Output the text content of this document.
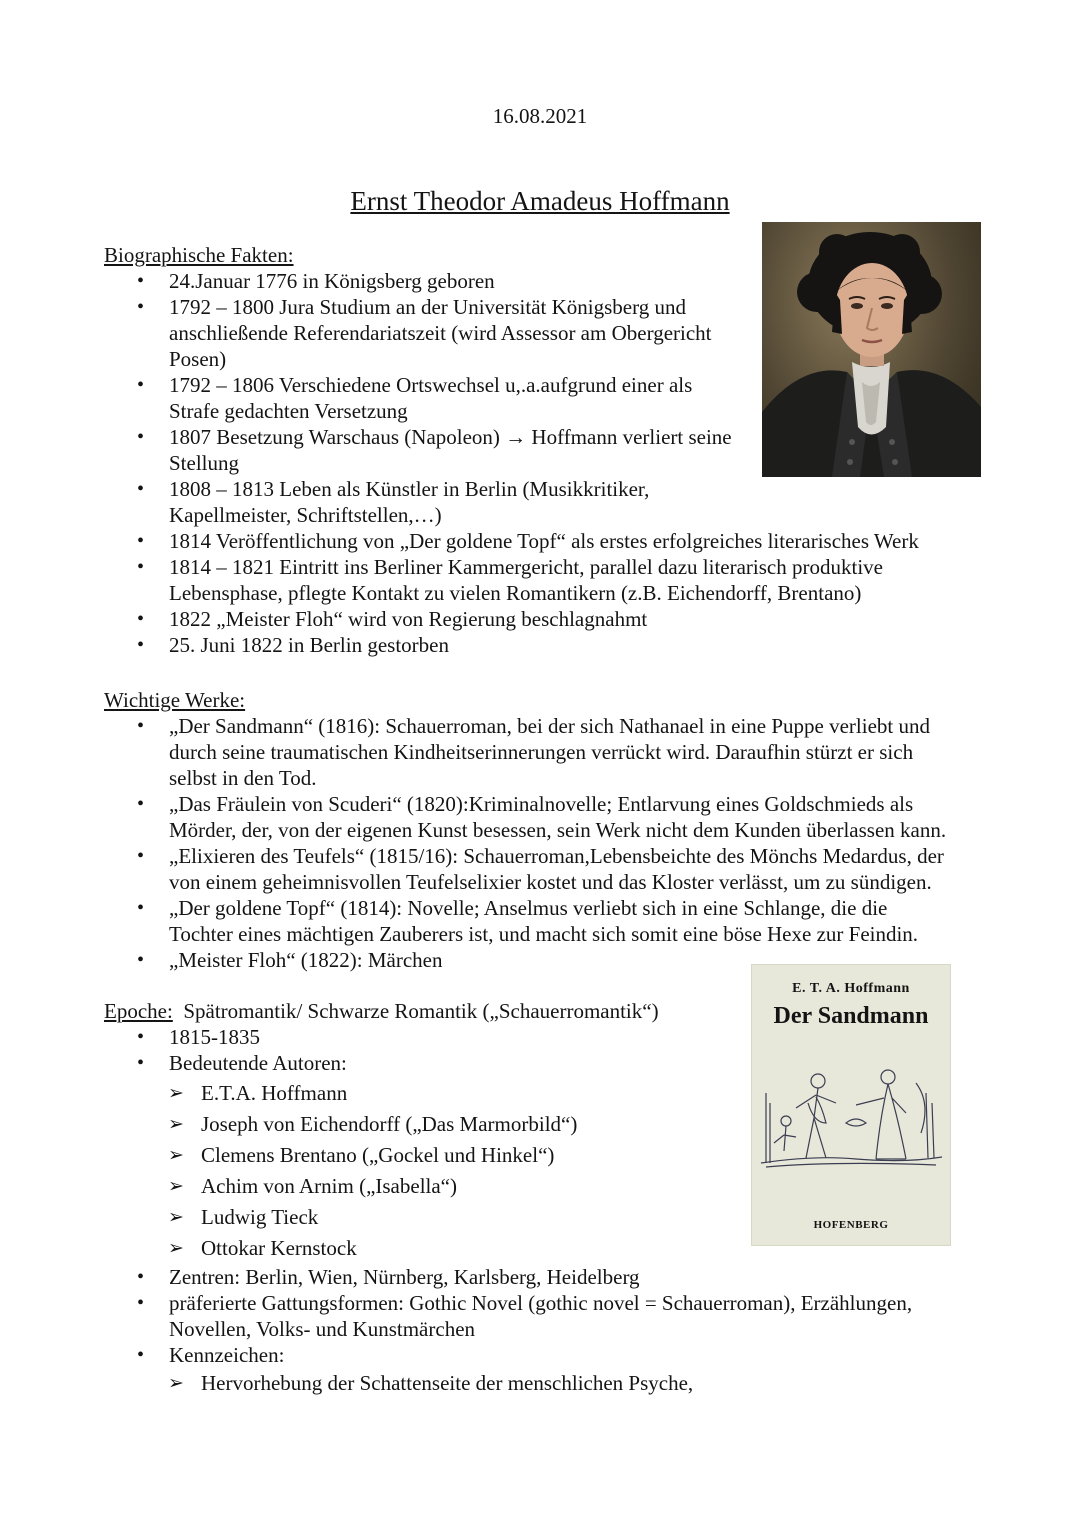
16.08.2021
Ernst Theodor Amadeus Hoffmann
Biographische Fakten:
• 24.Januar 1776 in Königsberg geboren
• 1792 – 1800 Jura Studium an der Universität Königsberg und
anschließende Referendariatszeit (wird Assessor am Obergericht
Posen)
• 1792 – 1806 Verschiedene Ortswechsel u,.a.aufgrund einer als
Strafe gedachten Versetzung
• 1807 Besetzung Warschaus (Napoleon) → Hoffmann verliert seine
Stellung
• 1808 – 1813 Leben als Künstler in Berlin (Musikkritiker,
Kapellmeister, Schriftstellen,…)
• 1814 Veröffentlichung von „Der goldene Topf“ als erstes erfolgreiches literarisches Werk
• 1814 – 1821 Eintritt ins Berliner Kammergericht, parallel dazu literarisch produktive
Lebensphase, pflegte Kontakt zu vielen Romantikern (z.B. Eichendorff, Brentano)
• 1822 „Meister Floh“ wird von Regierung beschlagnahmt
• 25. Juni 1822 in Berlin gestorben
Wichtige Werke:
• „Der Sandmann“ (1816): Schauerroman, bei der sich Nathanael in eine Puppe verliebt und
durch seine traumatischen Kindheitserinnerungen verrückt wird. Daraufhin stürzt er sich
selbst in den Tod.
• „Das Fräulein von Scuderi“ (1820):Kriminalnovelle; Entlarvung eines Goldschmieds als
Mörder, der, von der eigenen Kunst besessen, sein Werk nicht dem Kunden überlassen kann.
• „Elixieren des Teufels“ (1815/16): Schauerroman,Lebensbeichte des Mönchs Medardus, der
von einem geheimnisvollen Teufelselixier kostet und das Kloster verlässt, um zu sündigen.
• „Der goldene Topf“ (1814): Novelle; Anselmus verliebt sich in eine Schlange, die die
Tochter eines mächtigen Zauberers ist, und macht sich somit eine böse Hexe zur Feindin.
• „Meister Floh“ (1822): Märchen
Epoche: Spätromantik/ Schwarze Romantik („Schauerromantik“)
• 1815-1835
• Bedeutende Autoren:
➢ E.T.A. Hoffmann
➢ Joseph von Eichendorff („Das Marmorbild“)
➢ Clemens Brentano („Gockel und Hinkel“)
➢ Achim von Arnim („Isabella“)
➢ Ludwig Tieck
➢ Ottokar Kernstock
• Zentren: Berlin, Wien, Nürnberg, Karlsberg, Heidelberg
• präferierte Gattungsformen: Gothic Novel (gothic novel = Schauerroman), Erzählungen,
Novellen, Volks- und Kunstmärchen
• Kennzeichen:
➢ Hervorhebung der Schattenseite der menschlichen Psyche,
E. T. A. Hoffmann
Der Sandmann
HOFENBERG
